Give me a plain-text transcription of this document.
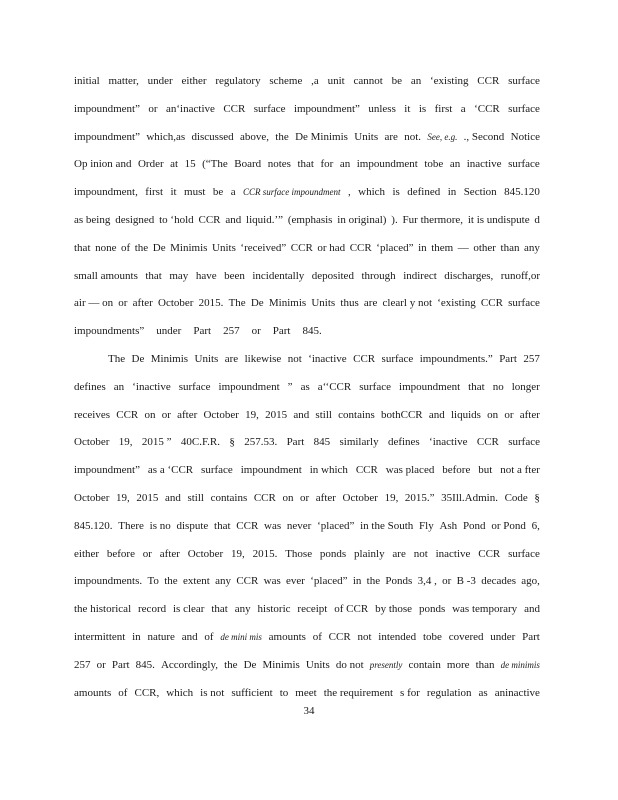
initial matter, under either regulatory scheme ,a unit cannot be an ‘existing CCR surface
impoundment” or an‘inactive CCR surface impoundment” unless it is first a ‘CCR surface
impoundment” which,as discussed above, the De Minimis Units are not. See, e.g. ., Second Notice
Op inion and Order at 15 (“The Board notes that for an impoundment tobe an inactive surface
impoundment, first it must be a CCR surface impoundment , which is defined in Section 845.120
as being designed to ‘hold CCR and liquid.’” (emphasis in original) ). Fur thermore, it is undispute d
that none of the De Minimis Units ‘received” CCR or had CCR ‘placed” in them — other than any
small amounts that may have been incidentally deposited through indirect discharges, runoff,or
air — on or after October 2015. The De Minimis Units thus are clearl y not ‘existing CCR surface
impoundments” under Part 257 or Part 845.
The De Minimis Units are likewise not ‘inactive CCR surface impoundments.” Part 257
defines an ‘inactive surface impoundment ” as a‘‘CCR surface impoundment that no longer
receives CCR on or after October 19, 2015 and still contains bothCCR and liquids on or after
October 19, 2015 ” 40C.F.R. § 257.53. Part 845 similarly defines ‘inactive CCR surface
impoundment” as a ‘CCR surface impoundment in which CCR was placed before but not a fter
October 19, 2015 and still contains CCR on or after October 19, 2015.” 35Ill.Admin. Code §
845.120. There is no dispute that CCR was never ‘placed” in the South Fly Ash Pond or Pond 6,
either before or after October 19, 2015. Those ponds plainly are not inactive CCR surface
impoundments. To the extent any CCR was ever ‘placed” in the Ponds 3,4 , or B -3 decades ago,
the historical record is clear that any historic receipt of CCR by those ponds was temporary and
intermittent in nature and of de mini mis amounts of CCR not intended tobe covered under Part
257 or Part 845. Accordingly, the De Minimis Units do not presently contain more than de minimis
amounts of CCR, which is not sufficient to meet the requirement s for regulation as aninactive
34
